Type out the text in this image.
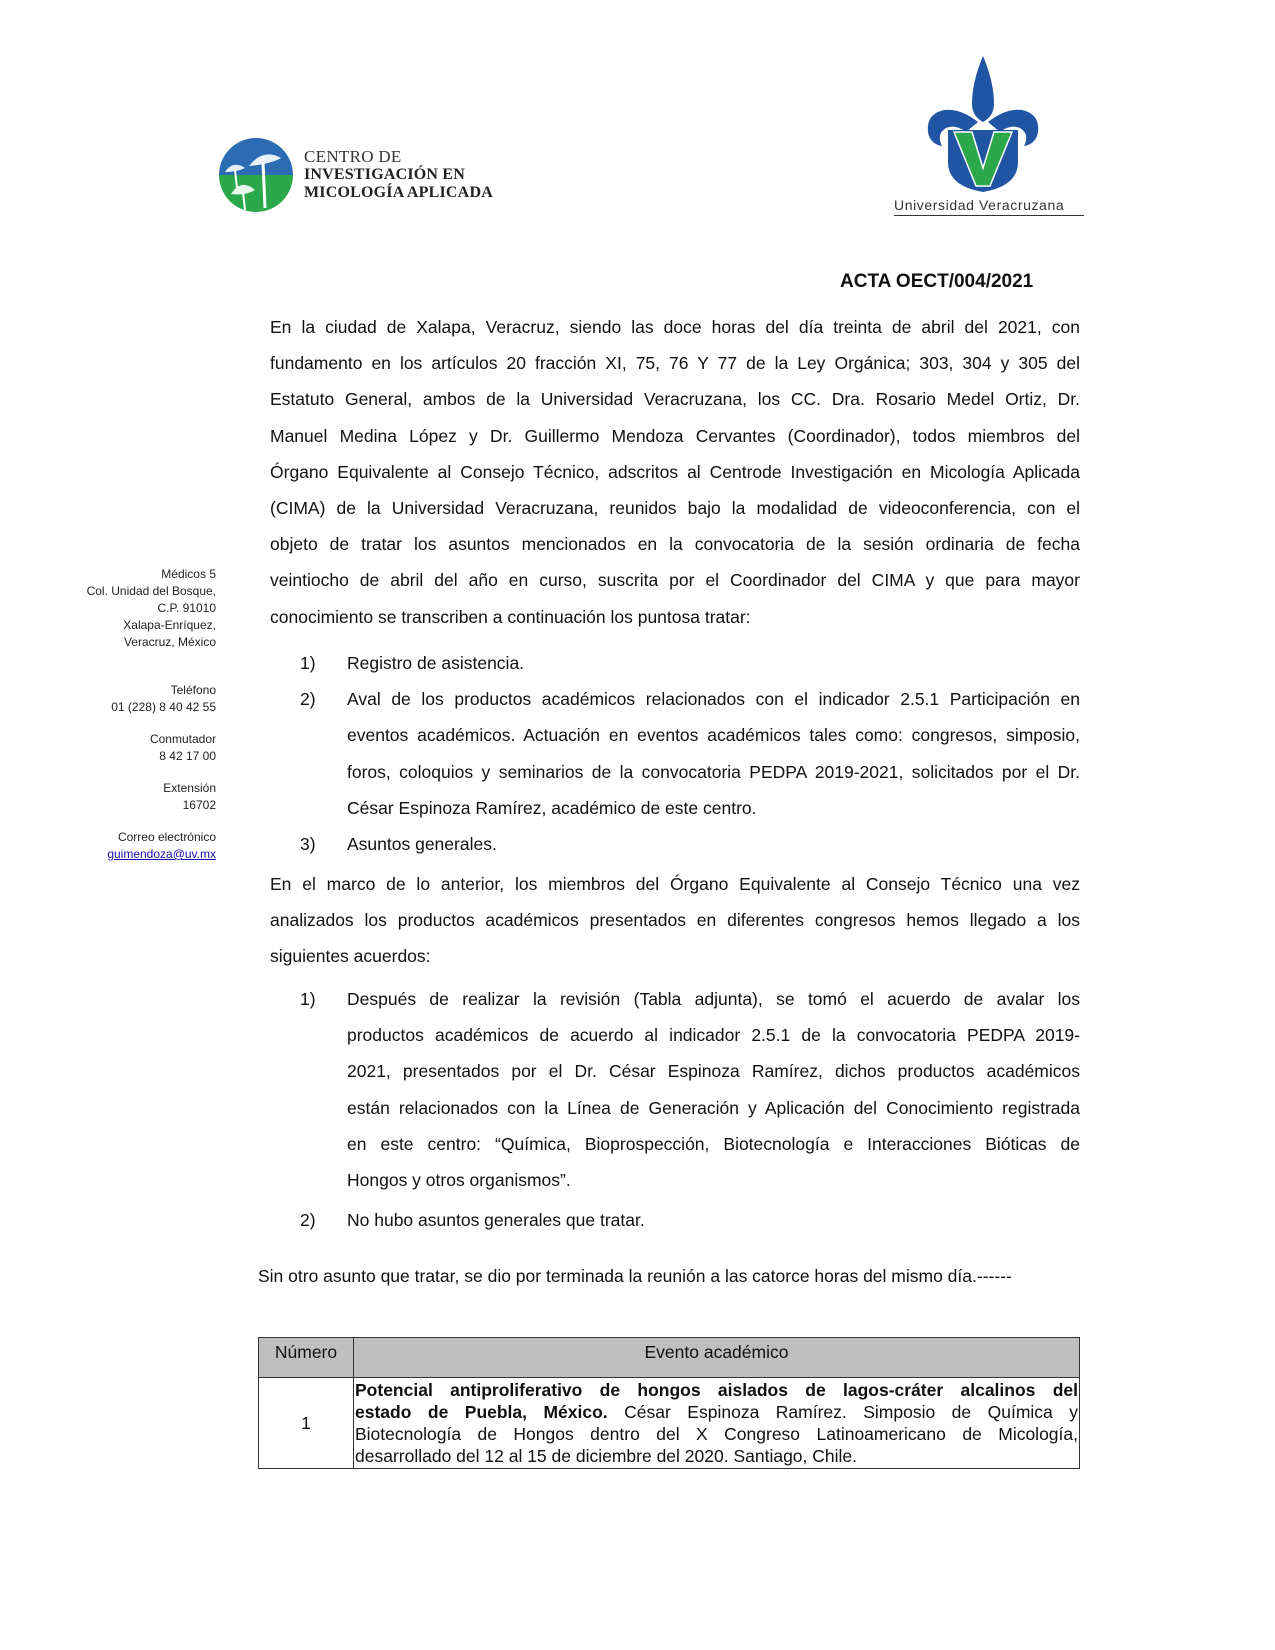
CENTRO DE
INVESTIGACIÓN EN
MICOLOGÍA APLICADA
Universidad Veracruzana
Médicos 5
Col. Unidad del Bosque,
C.P. 91010
Xalapa-Enríquez,
Veracruz, México
Teléfono
01 (228) 8 40 42 55
Conmutador
8 42 17 00
Extensión
16702
Correo electrónico
guimendoza@uv.mx
ACTA OECT/004/2021
En la ciudad de Xalapa, Veracruz, siendo las doce horas del día treinta de abril del 2021, con
fundamento en los artículos 20 fracción XI, 75, 76 Y 77 de la Ley Orgánica; 303, 304 y 305 del
Estatuto General, ambos de la Universidad Veracruzana, los CC. Dra. Rosario Medel Ortiz, Dr.
Manuel Medina López y Dr. Guillermo Mendoza Cervantes (Coordinador), todos miembros del
Órgano Equivalente al Consejo Técnico, adscritos al Centrode Investigación en Micología Aplicada
(CIMA) de la Universidad Veracruzana, reunidos bajo la modalidad de videoconferencia, con el
objeto de tratar los asuntos mencionados en la convocatoria de la sesión ordinaria de fecha
veintiocho de abril del año en curso, suscrita por el Coordinador del CIMA y que para mayor
conocimiento se transcriben a continuación los puntosa tratar:
1)	Registro de asistencia.
2)	Aval de los productos académicos relacionados con el indicador 2.5.1 Participación en
eventos académicos. Actuación en eventos académicos tales como: congresos, simposio,
foros, coloquios y seminarios de la convocatoria PEDPA 2019-2021, solicitados por el Dr.
César Espinoza Ramírez, académico de este centro.
3)	Asuntos generales.
En el marco de lo anterior, los miembros del Órgano Equivalente al Consejo Técnico una vez
analizados los productos académicos presentados en diferentes congresos hemos llegado a los
siguientes acuerdos:
1)	Después de realizar la revisión (Tabla adjunta), se tomó el acuerdo de avalar los
productos académicos de acuerdo al indicador 2.5.1 de la convocatoria PEDPA 2019-
2021, presentados por el Dr. César Espinoza Ramírez, dichos productos académicos
están relacionados con la Línea de Generación y Aplicación del Conocimiento registrada
en este centro: “Química, Bioprospección, Biotecnología e Interacciones Bióticas de
Hongos y otros organismos”.
2)	No hubo asuntos generales que tratar.
Sin otro asunto que tratar, se dio por terminada la reunión a las catorce horas del mismo día.------
Número	Evento académico
1	Potencial antiproliferativo de hongos aislados de lagos-cráter alcalinos del
estado de Puebla, México. César Espinoza Ramírez. Simposio de Química y
Biotecnología de Hongos dentro del X Congreso Latinoamericano de Micología,
desarrollado del 12 al 15 de diciembre del 2020. Santiago, Chile.
